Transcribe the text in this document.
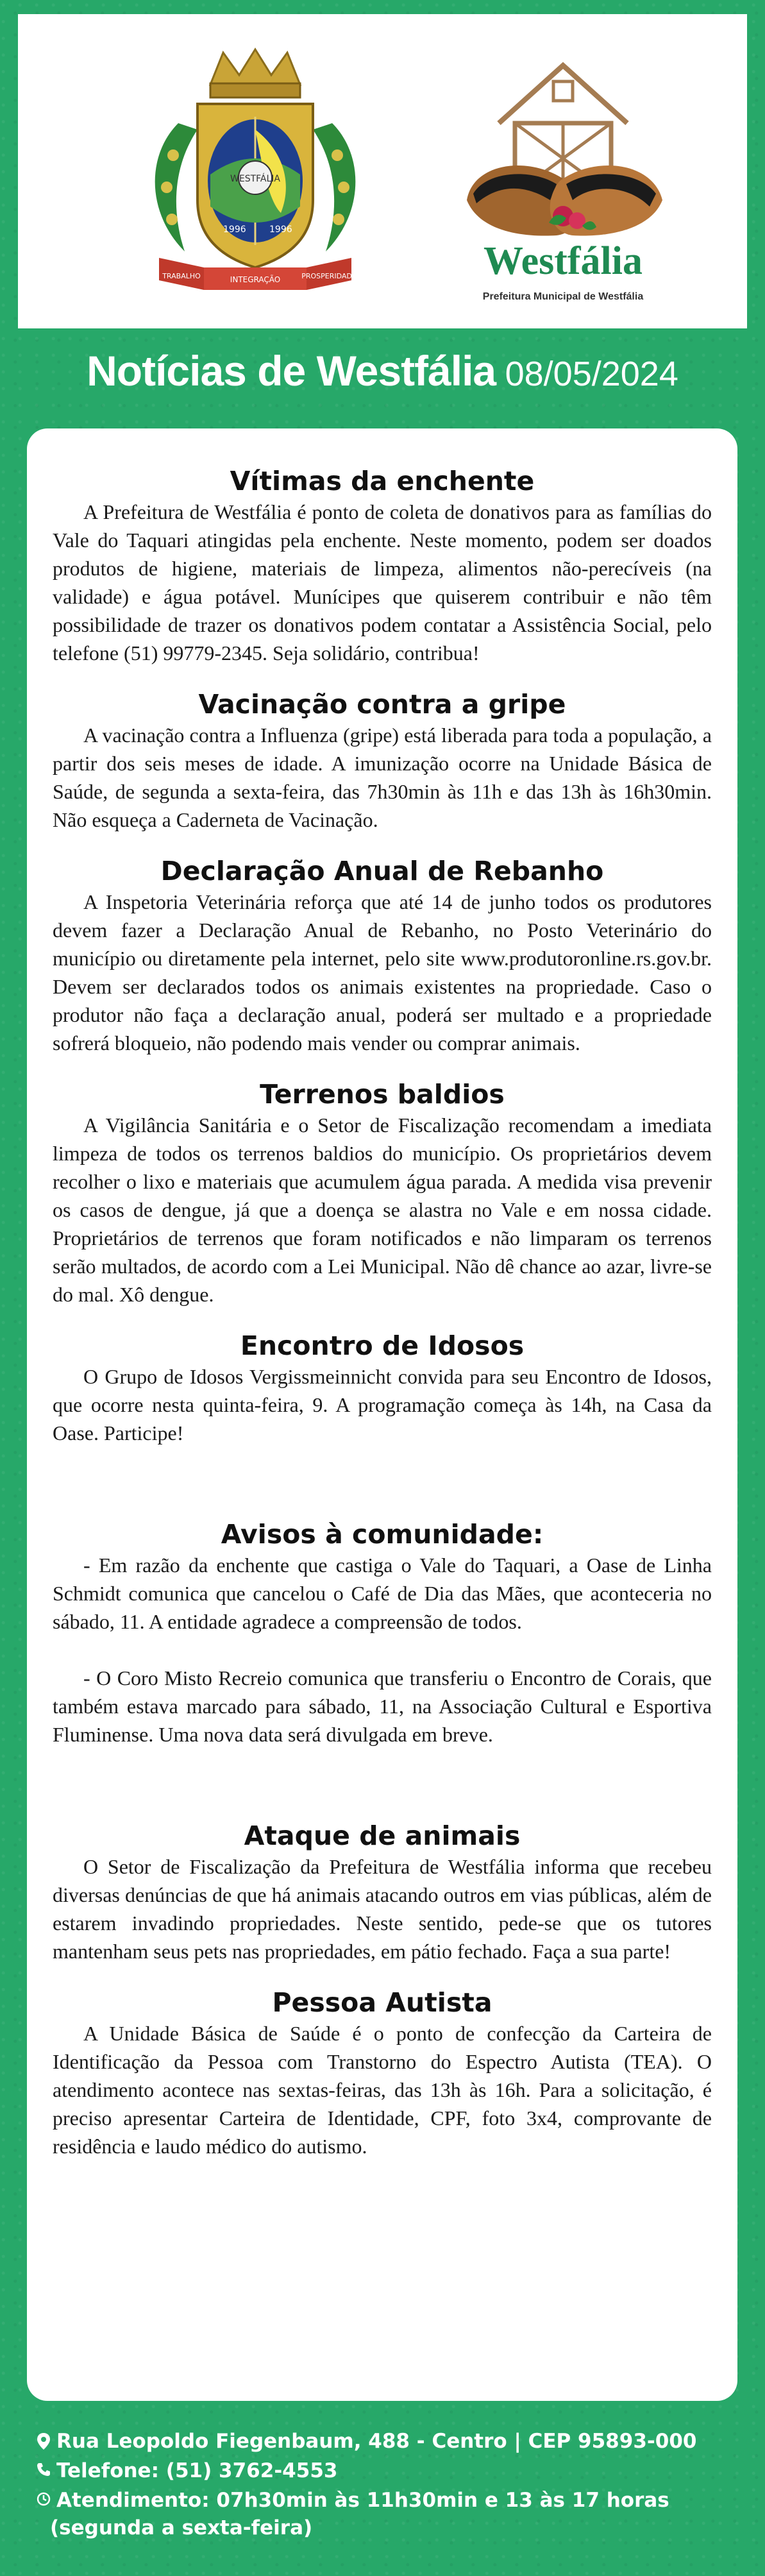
WESTFÁLIA
1996	1996
TRABALHO	INTEGRAÇÃO	PROSPERIDADE	Westfália
Prefeitura Municipal de Westfália
Notícias de Westfália 08/05/2024
Vítimas da enchente

A Prefeitura de Westfália é ponto de coleta de donativos para as famílias do Vale do Taquari atingidas pela enchente. Neste momento, podem ser doados produtos de higiene, materiais de limpeza, alimentos não-perecíveis (na validade) e água potável. Munícipes que quiserem contribuir e não têm possibilidade de trazer os donativos podem contatar a Assistência Social, pelo telefone (51) 99779-2345. Seja solidário, contribua!

Vacinação contra a gripe

A vacinação contra a Influenza (gripe) está liberada para toda a população, a partir dos seis meses de idade. A imunização ocorre na Unidade Básica de Saúde, de segunda a sexta-feira, das 7h30min às 11h e das 13h às 16h30min. Não esqueça a Caderneta de Vacinação.

Declaração Anual de Rebanho

A Inspetoria Veterinária reforça que até 14 de junho todos os produtores devem fazer a Declaração Anual de Rebanho, no Posto Veterinário do município ou diretamente pela internet, pelo site www.produtoronline.rs.gov.br. Devem ser declarados todos os animais existentes na propriedade. Caso o produtor não faça a declaração anual, poderá ser multado e a propriedade sofrerá bloqueio, não podendo mais vender ou comprar animais.

Terrenos baldios

A Vigilância Sanitária e o Setor de Fiscalização recomendam a imediata limpeza de todos os terrenos baldios do município. Os proprietários devem recolher o lixo e materiais que acumulem água parada. A medida visa prevenir os casos de dengue, já que a doença se alastra no Vale e em nossa cidade. Proprietários de terrenos que foram notificados e não limparam os terrenos serão multados, de acordo com a Lei Municipal. Não dê chance ao azar, livre-se do mal. Xô dengue.

Encontro de Idosos

O Grupo de Idosos Vergissmeinnicht convida para seu Encontro de Idosos, que ocorre nesta quinta-feira, 9. A programação começa às 14h, na Casa da Oase. Participe!

Avisos à comunidade:

- Em razão da enchente que castiga o Vale do Taquari, a Oase de Linha Schmidt comunica que cancelou o Café de Dia das Mães, que aconteceria no sábado, 11. A entidade agradece a compreensão de todos.

- O Coro Misto Recreio comunica que transferiu o Encontro de Corais, que também estava marcado para sábado, 11, na Associação Cultural e Esportiva Fluminense. Uma nova data será divulgada em breve.

Ataque de animais

O Setor de Fiscalização da Prefeitura de Westfália informa que recebeu diversas denúncias de que há animais atacando outros em vias públicas, além de estarem invadindo propriedades. Neste sentido, pede-se que os tutores mantenham seus pets nas propriedades, em pátio fechado. Faça a sua parte!

Pessoa Autista

A Unidade Básica de Saúde é o ponto de confecção da Carteira de Identificação da Pessoa com Transtorno do Espectro Autista (TEA). O atendimento acontece nas sextas-feiras, das 13h às 16h. Para a solicitação, é preciso apresentar Carteira de Identidade, CPF, foto 3x4, comprovante de residência e laudo médico do autismo.

Rua Leopoldo Fiegenbaum, 488 - Centro | CEP 95893-000
Telefone: (51) 3762-4553
Atendimento: 07h30min às 11h30min e 13 às 17 horas
(segunda a sexta-feira)
